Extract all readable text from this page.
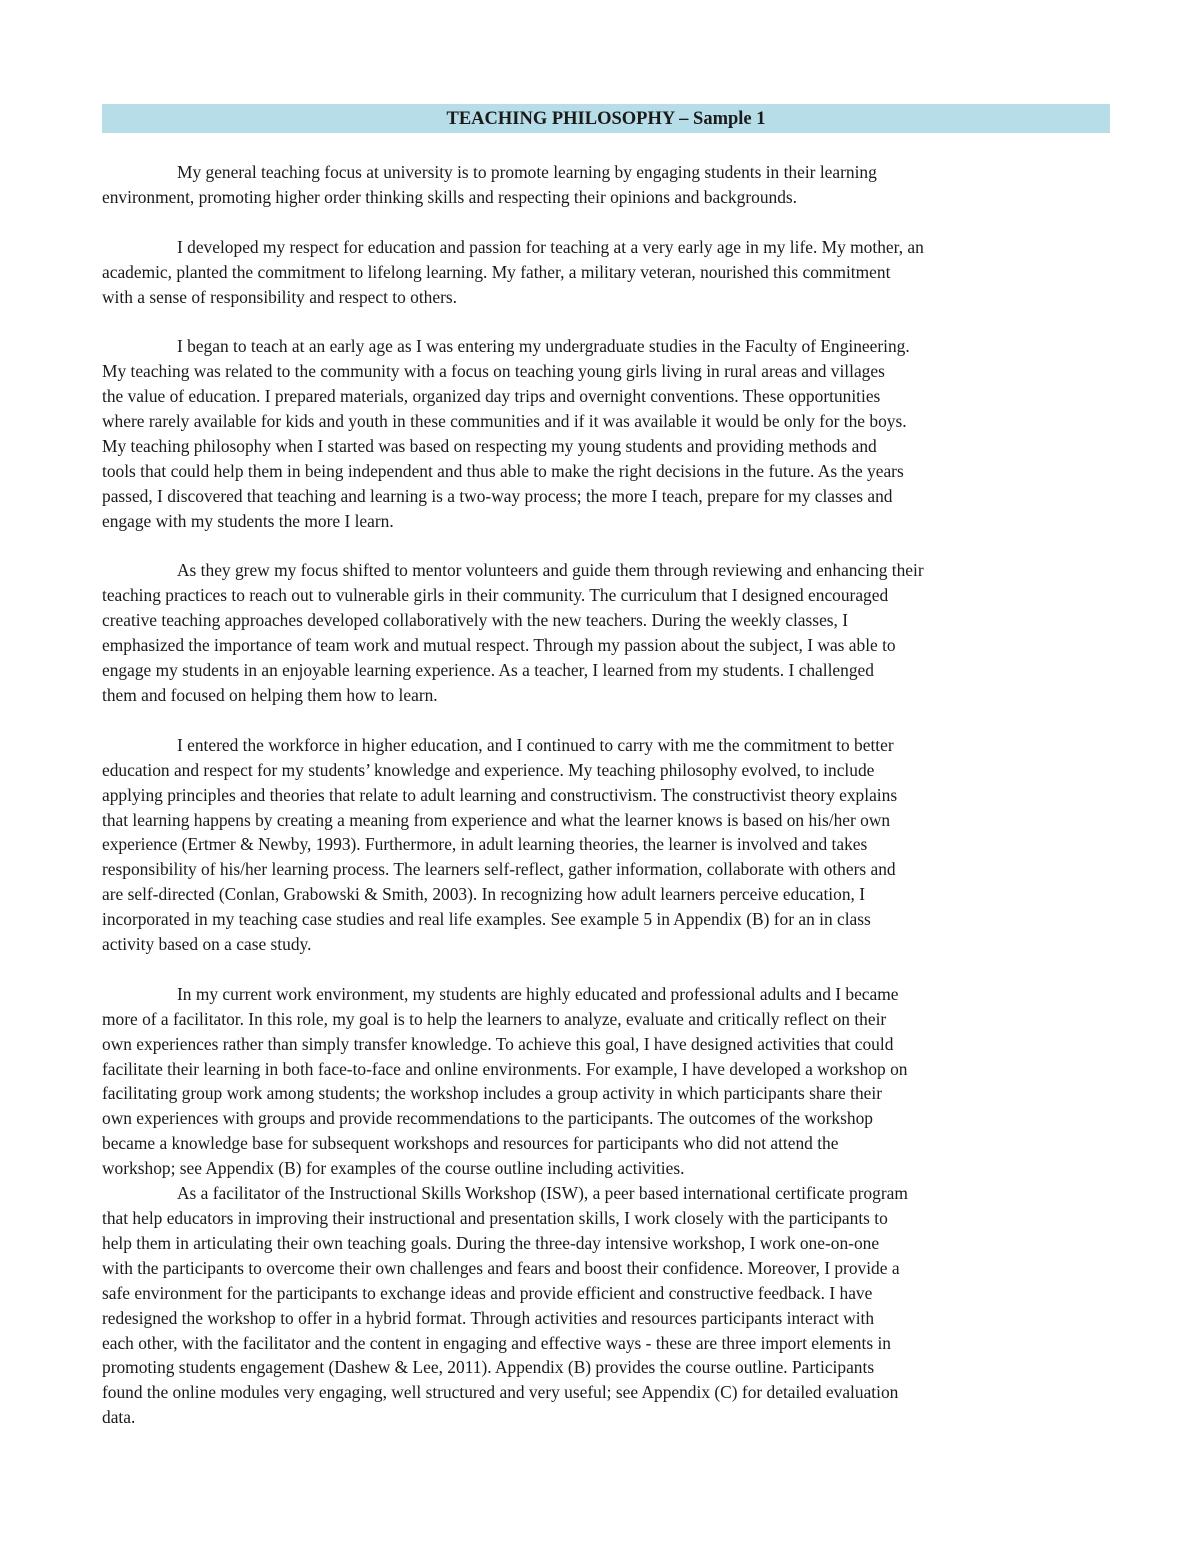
TEACHING PHILOSOPHY – Sample 1
My general teaching focus at university is to promote learning by engaging students in their learning
environment, promoting higher order thinking skills and respecting their opinions and backgrounds.
I developed my respect for education and passion for teaching at a very early age in my life. My mother, an
academic, planted the commitment to lifelong learning. My father, a military veteran, nourished this commitment
with a sense of responsibility and respect to others.
I began to teach at an early age as I was entering my undergraduate studies in the Faculty of Engineering.
My teaching was related to the community with a focus on teaching young girls living in rural areas and villages
the value of education. I prepared materials, organized day trips and overnight conventions. These opportunities
where rarely available for kids and youth in these communities and if it was available it would be only for the boys.
My teaching philosophy when I started was based on respecting my young students and providing methods and
tools that could help them in being independent and thus able to make the right decisions in the future. As the years
passed, I discovered that teaching and learning is a two-way process; the more I teach, prepare for my classes and
engage with my students the more I learn.
As they grew my focus shifted to mentor volunteers and guide them through reviewing and enhancing their
teaching practices to reach out to vulnerable girls in their community. The curriculum that I designed encouraged
creative teaching approaches developed collaboratively with the new teachers. During the weekly classes, I
emphasized the importance of team work and mutual respect. Through my passion about the subject, I was able to
engage my students in an enjoyable learning experience. As a teacher, I learned from my students. I challenged
them and focused on helping them how to learn.
I entered the workforce in higher education, and I continued to carry with me the commitment to better
education and respect for my students’ knowledge and experience. My teaching philosophy evolved, to include
applying principles and theories that relate to adult learning and constructivism. The constructivist theory explains
that learning happens by creating a meaning from experience and what the learner knows is based on his/her own
experience (Ertmer & Newby, 1993). Furthermore, in adult learning theories, the learner is involved and takes
responsibility of his/her learning process. The learners self-reflect, gather information, collaborate with others and
are self-directed (Conlan, Grabowski & Smith, 2003). In recognizing how adult learners perceive education, I
incorporated in my teaching case studies and real life examples. See example 5 in Appendix (B) for an in class
activity based on a case study.
In my current work environment, my students are highly educated and professional adults and I became
more of a facilitator. In this role, my goal is to help the learners to analyze, evaluate and critically reflect on their
own experiences rather than simply transfer knowledge. To achieve this goal, I have designed activities that could
facilitate their learning in both face-to-face and online environments. For example, I have developed a workshop on
facilitating group work among students; the workshop includes a group activity in which participants share their
own experiences with groups and provide recommendations to the participants. The outcomes of the workshop
became a knowledge base for subsequent workshops and resources for participants who did not attend the
workshop; see Appendix (B) for examples of the course outline including activities.
As a facilitator of the Instructional Skills Workshop (ISW), a peer based international certificate program
that help educators in improving their instructional and presentation skills, I work closely with the participants to
help them in articulating their own teaching goals. During the three-day intensive workshop, I work one-on-one
with the participants to overcome their own challenges and fears and boost their confidence. Moreover, I provide a
safe environment for the participants to exchange ideas and provide efficient and constructive feedback. I have
redesigned the workshop to offer in a hybrid format. Through activities and resources participants interact with
each other, with the facilitator and the content in engaging and effective ways - these are three import elements in
promoting students engagement (Dashew & Lee, 2011). Appendix (B) provides the course outline. Participants
found the online modules very engaging, well structured and very useful; see Appendix (C) for detailed evaluation
data.
